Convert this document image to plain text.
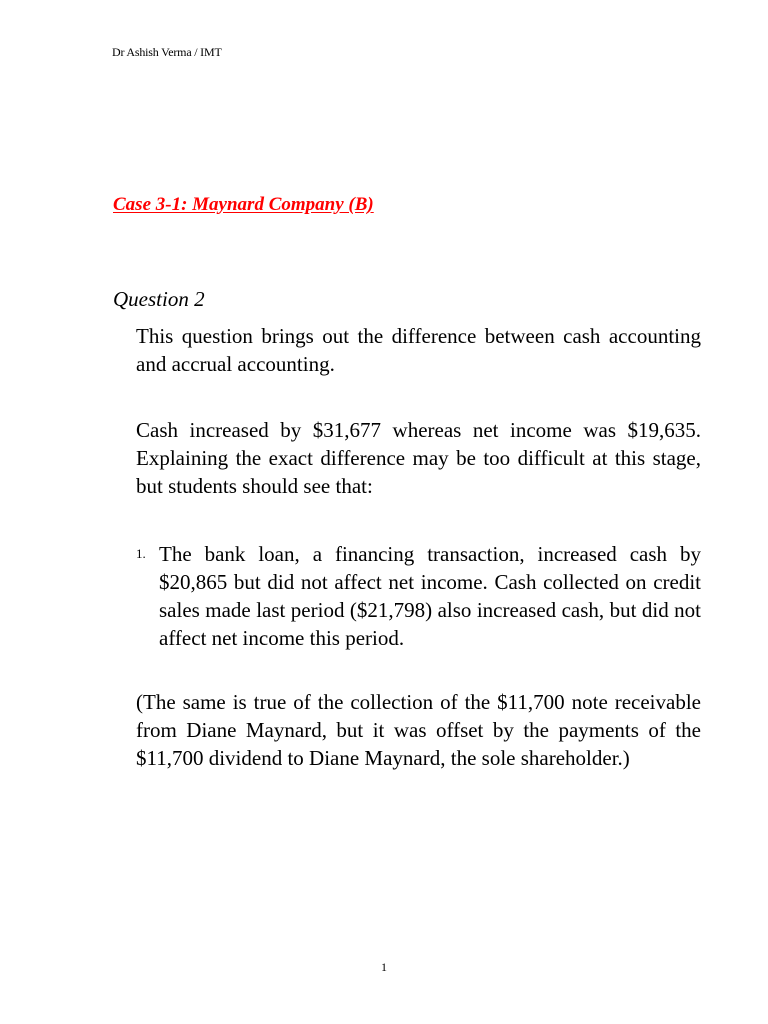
Dr Ashish Verma / IMT
Case 3-1: Maynard Company (B)
Question 2
This question brings out the difference between cash accounting and accrual accounting.
Cash increased by $31,677 whereas net income was $19,635. Explaining the exact difference may be too difficult at this stage, but students should see that:
1. The bank loan, a financing transaction, increased cash by $20,865 but did not affect net income. Cash collected on credit sales made last period ($21,798) also increased cash, but did not affect net income this period.
(The same is true of the collection of the $11,700 note receivable from Diane Maynard, but it was offset by the payments of the $11,700 dividend to Diane Maynard, the sole shareholder.)
1
